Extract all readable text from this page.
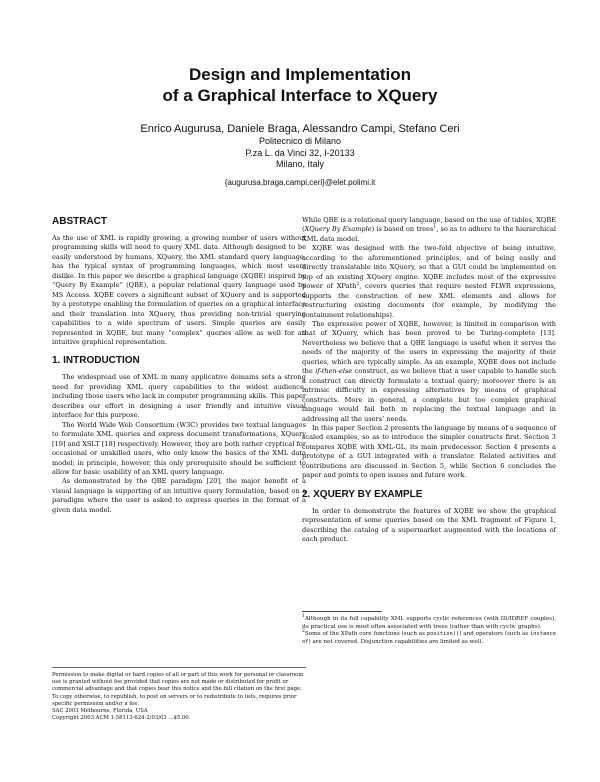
Design and Implementation
of a Graphical Interface to XQuery
Enrico Augurusa, Daniele Braga, Alessandro Campi, Stefano Ceri
Politecnico di Milano
P.za L. da Vinci 32, I-20133
Milano, Italy
{augurusa,braga,campi,ceri}@elet.polimi.it
ABSTRACT

As the use of XML is rapidly growing, a growing number of users without programming skills will need to query XML data. Although designed to be easily understood by humans, XQuery, the XML standard query language, has the typical syntax of programming languages, which most users dislike. In this paper we describe a graphical language (XQBE) inspired by “Query By Example” (QBE), a popular relational query language used by MS Access. XQBE covers a significant subset of XQuery and is supported by a prototype enabling the formulation of queries on a graphical interface and their translation into XQuery, thus providing non-trivial querying capabilities to a wide spectrum of users. Simple queries are easily represented in XQBE, but many “complex” queries allow as well for an intuitive graphical representation.

1. INTRODUCTION

The widespread use of XML in many applicative domains sets a strong need for providing XML query capabilities to the widest audience, including those users who lack in computer programming skills. This paper describes our effort in designing a user friendly and intuitive visual interface for this purpose.

The World Wide Web Consortium (W3C) provides two textual languages to formulate XML queries and express document transformations, XQuery [19] and XSLT [18] respectively. However, they are both rather cryptical for occasional or unskilled users, who only know the basics of the XML data model; in principle, however, this only prerequisite should be sufficient to allow for basic usability of an XML query language.

As demonstrated by the QBE paradigm [20], the major benefit of a visual language is supporting of an intuitive query formulation, based on a paradigm where the user is asked to express queries in the format of a given data model.

Permission to make digital or hard copies of all or part of this work for personal or classroom use is granted without fee provided that copies are not made or distributed for profit or commercial advantage and that copies bear this notice and the full citation on the first page. To copy otherwise, to republish, to post on servers or to redistribute to lists, requires prior specific permission and/or a fee.
SAC 2003 Melbourne, Florida, USA
Copyright 2003 ACM 1-58113-624-2/03/03 ...$5.00.

While QBE is a relational query language, based on the use of tables, XQBE (XQuery By Example) is based on trees$^1$, so as to adhere to the hierarchical XML data model.

XQBE was designed with the two-fold objective of being intuitive, according to the aforementioned principles, and of being easily and directly translatable into XQuery, so that a GUI could be implemented on top of an existing XQuery engine. XQBE includes most of the expressive power of XPath$^2$, covers queries that require nested FLWR expressions, supports the construction of new XML elements and allows for restructuring existing documents (for example, by modifying the containment relationships).

The expressive power of XQBE, however, is limited in comparison with that of XQuery, which has been proved to be Turing-complete [13]. Nevertheless we believe that a QBE language is useful when it serves the needs of the majority of the users in expressing the majority of their queries, which are typically simple. As an example, XQBE does not include the if-then-else construct, as we believe that a user capable to handle such a construct can directly formulate a textual query; moreover there is an intrinsic difficulty in expressing alternatives by means of graphical constructs. More in general, a complete but too complex graphical language would fail both in replacing the textual language and in addressing all the users’ needs.

In this paper Section 2 presents the language by means of a sequence of scaled examples, so as to introduce the simpler constructs first. Section 3 compares XQBE with XML-GL, its main predecessor. Section 4 presents a prototype of a GUI integrated with a translator. Related activities and contributions are discussed in Section 5, while Section 6 concludes the paper and points to open issues and future work.

2. XQUERY BY EXAMPLE

In order to demonstrate the features of XQBE we show the graphical representation of some queries based on the XML fragment of Figure 1, describing the catalog of a supermarket augmented with the locations of each product.

$^1$Although in its full capability XML supports cyclic references (with ID/IDREF couples), its practical use is most often associated with trees (rather than with cyclic graphs).

$^2$Some of the XPath core functions (such as position()) and operators (such as instance of) are not covered. Disjunction capabilities are limited as well.
